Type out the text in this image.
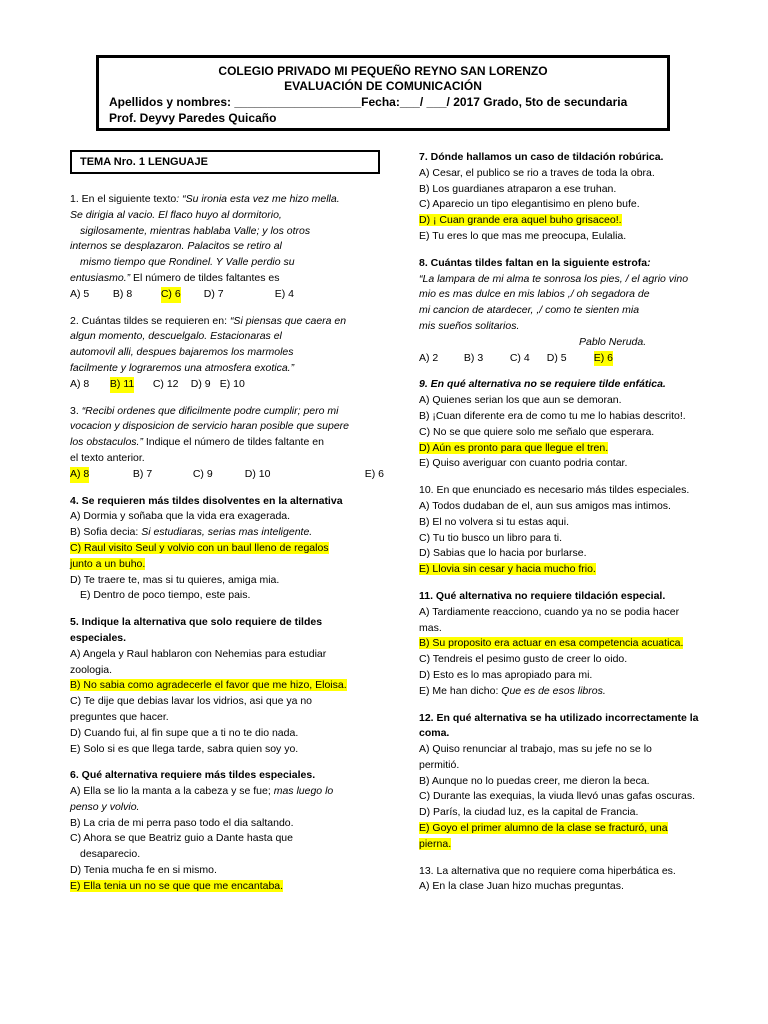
COLEGIO PRIVADO MI PEQUEÑO REYNO SAN LORENZO
EVALUACIÓN DE COMUNICACIÓN
Apellidos y nombres: ___________________Fecha:___/ ___/ 2017 Grado, 5to de secundaria
Prof. Deyvy Paredes Quicaño
TEMA Nro. 1 LENGUAJE
1. En el siguiente texto: “Su ironia esta vez me hizo mella.
Se dirigia al vacio. El flaco huyo al dormitorio,
sigilosamente, mientras hablaba Valle; y los otros
internos se desplazaron. Palacitos se retiro al
mismo tiempo que Rondinel. Y Valle perdio su
entusiasmo.” El número de tildes faltantes es
A) 5 B) 8	C) 6 D) 7	E) 4
2. Cuántas tildes se requieren en: “Si piensas que caera en
algun momento, descuelgalo. Estacionaras el
automovil alli, despues bajaremos los marmoles
facilmente y lograremos una atmosfera exotica.”
A) 8 B) 11 C) 12 D) 9 E) 10
3. “Recibi ordenes que dificilmente podre cumplir; pero mi
vocacion y disposicion de servicio haran posible que supere
los obstaculos.” Indique el número de tildes faltante en
el texto anterior.
A) 8	B) 7	C) 9	D) 10	E) 6
4. Se requieren más tildes disolventes en la alternativa
A) Dormia y soñaba que la vida era exagerada.
B) Sofia decia: Si estudiaras, serias mas inteligente.
C) Raul visito Seul y volvio con un baul lleno de regalos
junto a un buho.
D) Te traere te, mas si tu quieres, amiga mia.
E) Dentro de poco tiempo, este pais.
5. Indique la alternativa que solo requiere de tildes
especiales.
A) Angela y Raul hablaron con Nehemias para estudiar
zoologia.
B) No sabia como agradecerle el favor que me hizo, Eloisa.
C) Te dije que debias lavar los vidrios, asi que ya no
preguntes que hacer.
D) Cuando fui, al fin supe que a ti no te dio nada.
E) Solo si es que llega tarde, sabra quien soy yo.
6. Qué alternativa requiere más tildes especiales.
A) Ella se lio la manta a la cabeza y se fue; mas luego lo
penso y volvio.
B) La cria de mi perra paso todo el dia saltando.
C) Ahora se que Beatriz guio a Dante hasta que
desaparecio.
D) Tenia mucha fe en si mismo.
E) Ella tenia un no se que que me encantaba.
7. Dónde hallamos un caso de tildación robúrica.
A) Cesar, el publico se rio a traves de toda la obra.
B) Los guardianes atraparon a ese truhan.
C) Aparecio un tipo elegantisimo en pleno bufe.
D) ¡ Cuan grande era aquel buho grisaceo!.
E) Tu eres lo que mas me preocupa, Eulalia.
8. Cuántas tildes faltan en la siguiente estrofa:
“La lampara de mi alma te sonrosa los pies, / el agrio vino
mio es mas dulce en mis labios ,/ oh segadora de
mi cancion de atardecer, ,/ como te sienten mia
mis sueños solitarios.
Pablo Neruda.
A) 2 B) 3	C) 4 D) 5	E) 6
9. En qué alternativa no se requiere tilde enfática.
A) Quienes serian los que aun se demoran.
B) ¡Cuan diferente era de como tu me lo habias descrito!.
C) No se que quiere solo me señalo que esperara.
D) Aún es pronto para que llegue el tren.
E) Quiso averiguar con cuanto podria contar.
10. En que enunciado es necesario más tildes especiales.
A) Todos dudaban de el, aun sus amigos mas intimos.
B) El no volvera si tu estas aqui.
C) Tu tio busco un libro para ti.
D) Sabias que lo hacia por burlarse.
E) Llovia sin cesar y hacia mucho frio.
11. Qué alternativa no requiere tildación especial.
A) Tardiamente reacciono, cuando ya no se podia hacer
mas.
B) Su proposito era actuar en esa competencia acuatica.
C) Tendreis el pesimo gusto de creer lo oido.
D) Esto es lo mas apropiado para mi.
E) Me han dicho: Que es de esos libros.
12. En qué alternativa se ha utilizado incorrectamente la
coma.
A) Quiso renunciar al trabajo, mas su jefe no se lo
permitió.
B) Aunque no lo puedas creer, me dieron la beca.
C) Durante las exequias, la viuda llevó unas gafas oscuras.
D) París, la ciudad luz, es la capital de Francia.
E) Goyo el primer alumno de la clase se fracturó, una
pierna.
13. La alternativa que no requiere coma hiperbática es.
A) En la clase Juan hizo muchas preguntas.
